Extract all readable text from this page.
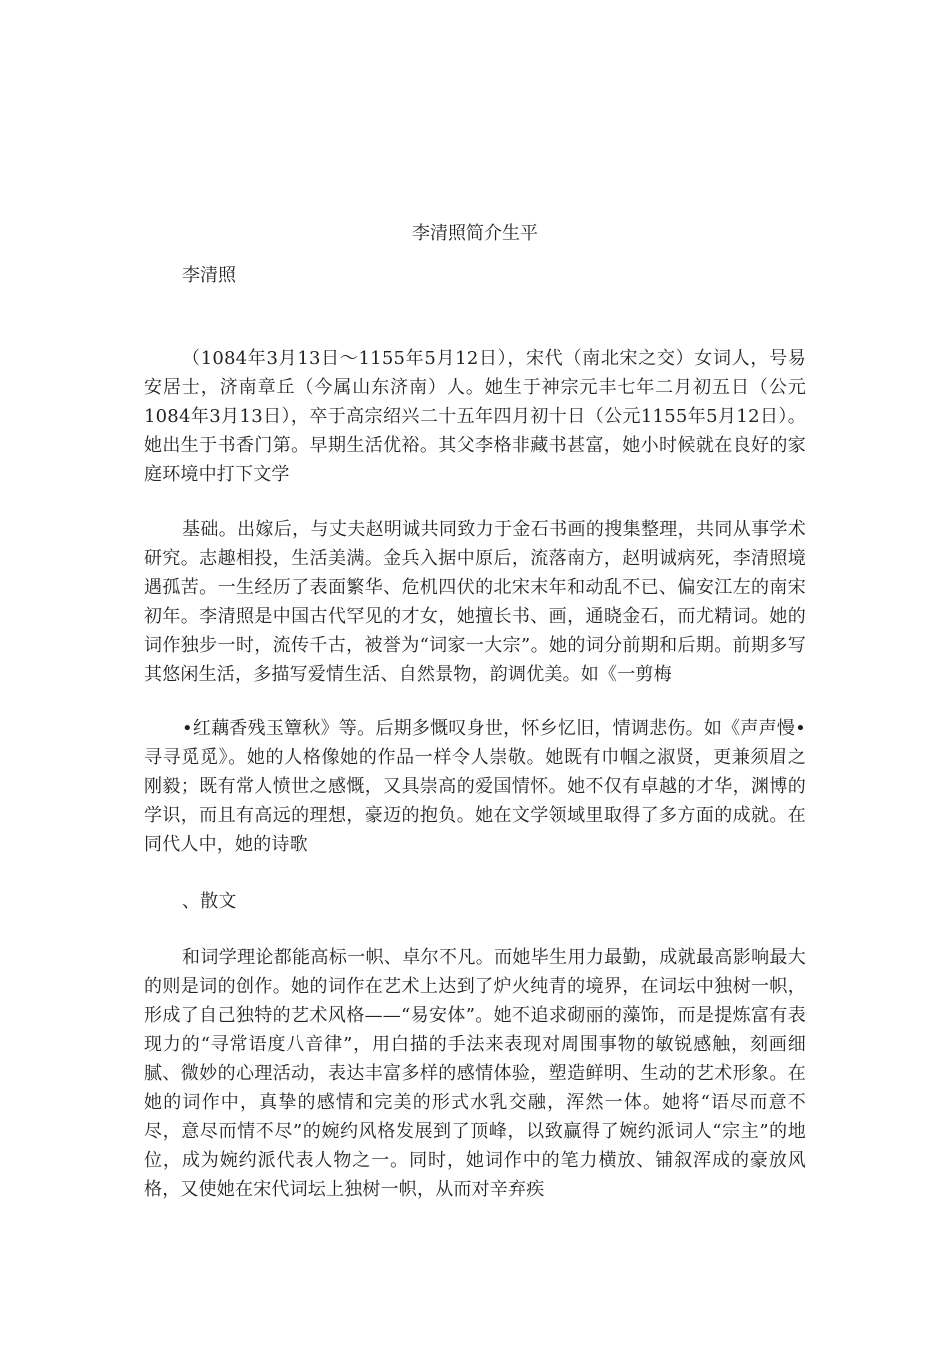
李清照简介生平

李清照

（1084年3月13日～1155年5月12日），宋代（南北宋之交）女词人，号易安居士，济南章丘（今属山东济南）人。她生于神宗元丰七年二月初五日（公元1084年3月13日），卒于高宗绍兴二十五年四月初十日（公元1155年5月12日）。她出生于书香门第。早期生活优裕。其父李格非藏书甚富，她小时候就在良好的家庭环境中打下文学

基础。出嫁后，与丈夫赵明诚共同致力于金石书画的搜集整理，共同从事学术研究。志趣相投，生活美满。金兵入据中原后，流落南方，赵明诚病死，李清照境遇孤苦。一生经历了表面繁华、危机四伏的北宋末年和动乱不已、偏安江左的南宋初年。李清照是中国古代罕见的才女，她擅长书、画，通晓金石，而尤精词。她的词作独步一时，流传千古，被誉为“词家一大宗”。她的词分前期和后期。前期多写其悠闲生活，多描写爱情生活、自然景物，韵调优美。如《一剪梅

•红藕香残玉簟秋》等。后期多慨叹身世，怀乡忆旧，情调悲伤。如《声声慢•寻寻觅觅》。她的人格像她的作品一样令人崇敬。她既有巾帼之淑贤，更兼须眉之刚毅；既有常人愤世之感慨，又具崇高的爱国情怀。她不仅有卓越的才华，渊博的学识，而且有高远的理想，豪迈的抱负。她在文学领域里取得了多方面的成就。在同代人中，她的诗歌

、散文

和词学理论都能高标一帜、卓尔不凡。而她毕生用力最勤，成就最高影响最大的则是词的创作。她的词作在艺术上达到了炉火纯青的境界，在词坛中独树一帜，形成了自己独特的艺术风格——“易安体”。她不追求砌丽的藻饰，而是提炼富有表现力的“寻常语度八音律”，用白描的手法来表现对周围事物的敏锐感触，刻画细腻、微妙的心理活动，表达丰富多样的感情体验，塑造鲜明、生动的艺术形象。在她的词作中，真挚的感情和完美的形式水乳交融，浑然一体。她将“语尽而意不尽，意尽而情不尽”的婉约风格发展到了顶峰，以致赢得了婉约派词人“宗主”的地位，成为婉约派代表人物之一。同时，她词作中的笔力横放、铺叙浑成的豪放风格，又使她在宋代词坛上独树一帜，从而对辛弃疾
